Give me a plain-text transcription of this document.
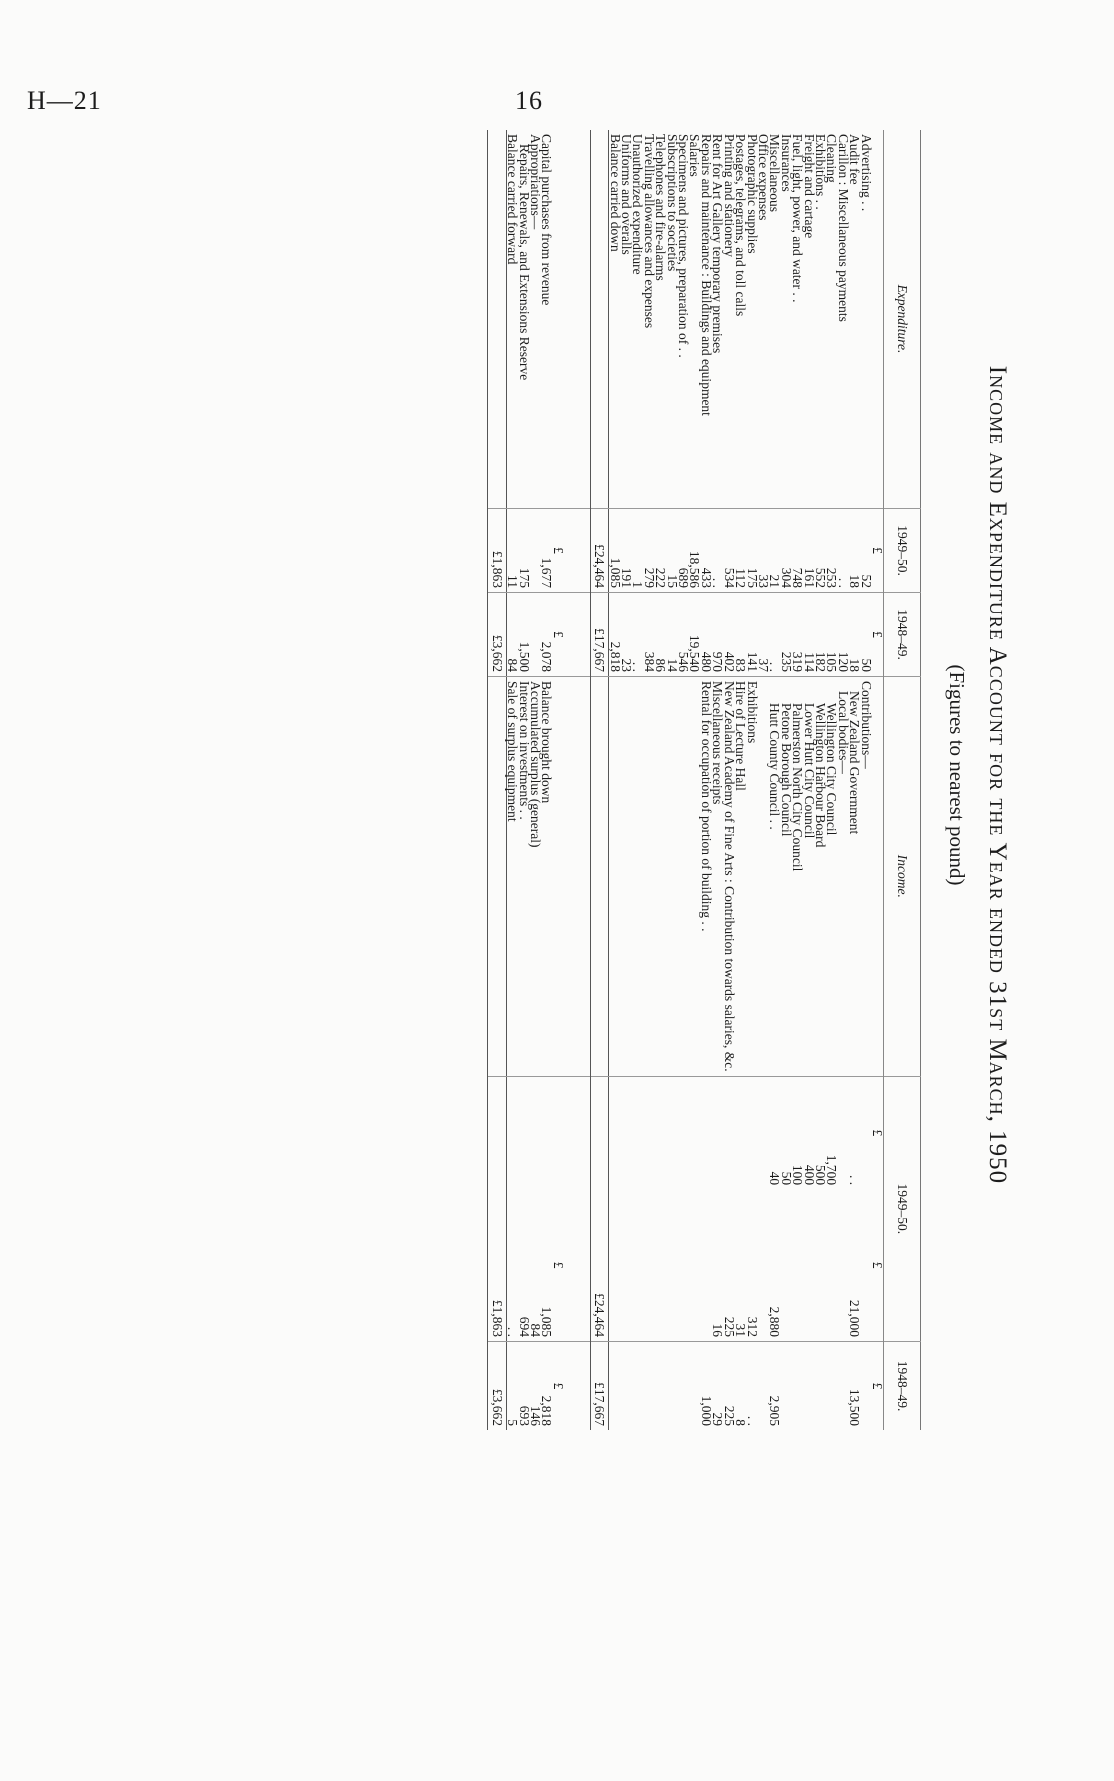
H—21	16
Income and Expenditure Account for the Year ended 31st March, 1950
(Figures to nearest pound)
Expenditure.	1949–50.	1948–49.	Income.	1949–50.		1948–49.
	£	£		£	£	£
Advertising . .	52	50	Contributions—			
Audit fee	18	18	New Zealand Government	. .	21,000	13,500
Carillon : Miscellaneous payments	. .	120	Local bodies—			
Cleaning	253	105	Wellington City Council	1,700		
Exhibitions . .	552	182	Wellington Harbour Board	500		
Freight and cartage	161	114	Lower Hutt City Council	400		
Fuel, light, power, and water . .	748	319	Palmerston North City Council	100		
Insurances	304	235	Petone Borough Council	50		
Miscellaneous	21	. .	Hutt County Council . .	40	2,880	2,905
Office expenses	33	37				
Photographic supplies	175	141	Exhibitions		312	. .
Postages, telegrams, and toll calls	112	83	Hire of Lecture Hall		31	8
Printing and stationery	534	402	New Zealand Academy of Fine Arts : Contribution towards salaries, &c.		225	225
Rent for Art Gallery temporary premises	. .	970	Miscellaneous receipts		16	29
Repairs and maintenance : Buildings and equipment	433	480	Rental for occupation of portion of building . .			1,000
Salaries	18,586	19,540				
Specimens and pictures, preparation of . .	689	546				
Subscriptions to societies	15	14				
Telephones and fire-alarms	222	86				
Travelling allowances and expenses	279	384				
Unauthorized expenditure	1	. .				
Uniforms and overalls	191	23				
Balance carried down	1,085	2,818				
	£24,464	£17,667			£24,464	£17,667

	£	£			£	£
Capital purchases from revenue	1,677	2,078	Balance brought down		1,085	2,818
Appropriations—			Accumulated surplus (general)		84	146
Repairs, Renewals, and Extensions Reserve	175	1,500	Interest on investments . .		694	693
Balance carried forward	11	84	Sale of surplus equipment		. .	5
	£1,863	£3,662			£1,863	£3,662
